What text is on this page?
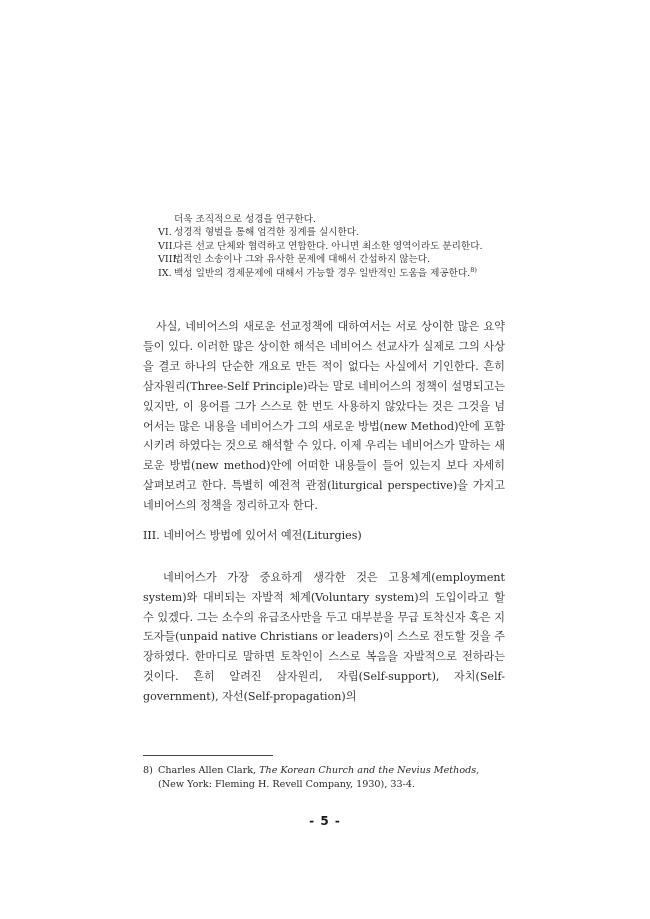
더욱 조직적으로 성경을 연구한다.
VI. 성경적 형벌을 통해 엄격한 징계를 실시한다.
VII.
다른 선교 단체와 협력하고 연합한다. 아니면 최소한 영역이라도 분리한다.
VIII.
법적인 소송이나 그와 유사한 문제에 대해서 간섭하지 않는다.
IX. 백성 일반의 경제문제에 대해서 가능할 경우 일반적인 도움을 제공한다.$^{8)}$

사실, 네비어스의 새로운 선교정책에 대하여서는 서로 상이한 많은 요약들이 있다. 이러한 많은 상이한 해석은 네비어스 선교사가 실제로 그의 사상을 결코 하나의 단순한 개요로 만든 적이 없다는 사실에서 기인한다. 흔히 삼자원리(Three-Self Principle)라는 말로 네비어스의 정책이 설명되고는 있지만, 이 용어를 그가 스스로 한 번도 사용하지 않았다는 것은 그것을 넘어서는 많은 내용을 네비어스가 그의 새로운 방법(new Method)안에 포함시키려 하였다는 것으로 해석할 수 있다. 이제 우리는 네비어스가 말하는 새로운 방법(new method)안에 어떠한 내용들이 들어 있는지 보다 자세히 살펴보려고 한다. 특별히 예전적 관점(liturgical perspective)을 가지고 네비어스의 정책을 정리하고자 한다.

III. 네비어스 방법에 있어서 예전(Liturgies)

네비어스가 가장 중요하게 생각한 것은 고용체계(employment system)와 대비되는 자발적 체계(Voluntary system)의 도입이라고 할 수 있겠다. 그는 소수의 유급조사만을 두고 대부분을 무급 토착신자 혹은 지도자들(unpaid native Christians or leaders)이 스스로 전도할 것을 주장하였다. 한마디로 말하면 토착인이 스스로 복음을 자발적으로 전하라는 것이다. 흔히 알려진 삼자원리, 자립(Self-support), 자치(Self-government), 자선(Self-propagation)의

8) Charles Allen Clark, The Korean Church and the Nevius Methods, (New York: Fleming H. Revell Company, 1930), 33-4.
- 5 -
